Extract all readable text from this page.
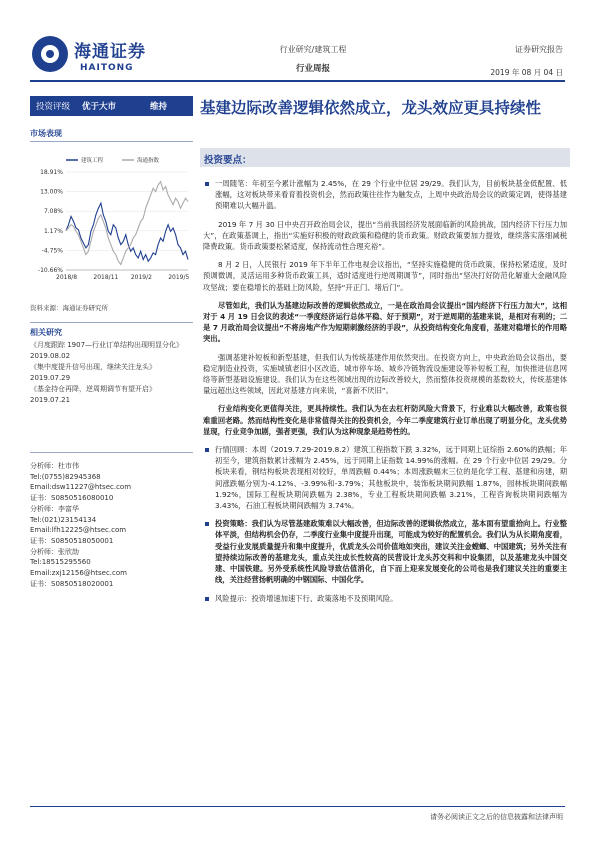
海通证券
HAITONG
行业研究/建筑工程
行业周报
证券研究报告
2019 年 08 月 04 日
投资评级	优于大市	维持 基建边际改善逻辑依然成立，龙头效应更具持续性
市场表现
建筑工程	海通指数
18.91%
13.00%
7.08%
1.17%
-4.75%
-10.66%
2018/8	2018/11 2019/2	2019/5
资料来源：海通证券研究所
相关研究
《月度跟踪 1907—行业订单结构出现明显分化》
2019.08.02
《集中度提升信号出现，继续关注龙头》
2019.07.29
《基金持仓再降，逆周期调节有望开启》
2019.07.21
分析师：杜市伟
Tel:(0755)82945368
Email:dsw11227@htsec.com
证书：S0850516080010
分析师：李富华
Tel:(021)23154134
Email:lfh12225@htsec.com
证书：S0850518050001
分析师：张欣劼
Tel:18515295560
Email:zxj12156@htsec.com
证书：S0850518020001
投资要点：

一周随笔：年初至今累计涨幅为 2.45%，在 29 个行业中位居 29/29。我们认为，目前板块基金低配置、低涨幅，这对板块带来看育着投资机会，然而政策往往作为触发点，上周中央政治局会议的政策定调，使得基建预期难以大幅升温。

2019 年 7 月 30 日中央召开政治局会议，提出“当前我国经济发展面临新的风险挑战，国内经济下行压力加大”，在政策基调上，指出“实施好积极的财政政策和稳健的货币政策。财政政策要加力提效，继续落实落细减税降费政策。货币政策要松紧适度，保持流动性合理充裕”。

8 月 2 日，人民银行 2019 年下半年工作电视会议指出，“坚持实施稳健的货币政策，保持松紧适度，及时预调微调，灵活运用多种货币政策工具，适时适度进行逆周期调节”，同时指出“坚决打好防范化解重大金融风险攻坚战；要在稳增长的基础上防风险，坚持“开正门、堵后门”。

尽管如此，我们认为基建边际改善的逻辑依然成立，一是在政治局会议提出“国内经济下行压力加大”，这相对于 4 月 19 日会议的表述“一季度经济运行总体平稳、好于预期”，对于逆周期的基建来说，是相对有利的；二是 7 月政治局会议提出“不将房地产作为短期刺激经济的手段”，从投资结构变化角度看，基建对稳增长的作用略突出。

强调基建补短板和新型基建，但我们认为传统基建作用依然突出。在投资方向上，中央政治局会议指出，要稳定制造业投资，实施城镇老旧小区改造、城市停车场、城乡冷链物流设施建设等补短板工程，加快推进信息网络等新型基础设施建设。我们认为在这些领域出现的边际改善较大，然而整体投资规模的基数较大，传统基建体量远超出这些领域，因此对基建方向来说，“喜新不厌旧”。

行业结构变化更值得关注，更具持续性。我们认为在去杠杆防风险大背景下，行业难以大幅改善，政策也很难重回老路。然而结构性变化是非常值得关注的投资机会，今年二季度建筑行业订单出现了明显分化，龙头优势显现，行业竞争加剧，强者更强，我们认为这种现象是趋势性的。

行情回顾：本周（2019.7.29-2019.8.2）建筑工程指数下跌 3.32%，远于同期上证综指 2.60%的跌幅；年初至今，建筑指数累计涨幅为 2.45%，远于同期上证指数 14.99%的涨幅。在 29 个行业中位居 29/29。分板块来看，钢结构板块表现相对较好，单周跌幅 0.44%；本周涨跌幅末三位的是化学工程、基建和房建，期间涨跌幅分别为-4.12%、-3.99%和-3.79%；其他板块中，装饰板块期间跌幅 1.87%，园林板块期间跌幅 1.92%，国际工程板块期间跌幅为 2.38%，专业工程板块期间跌幅 3.21%，工程咨询板块期间跌幅为 3.43%，石油工程板块期间跌幅为 3.74%。

投资策略：我们认为尽管基建政策难以大幅改善，但边际改善的逻辑依然成立，基本面有望重拾向上。行业整体平淡，但结构机会仍存，二季度行业集中度提升出现，可能成为较好的配置机会。我们认为从长期角度看，受益行业发展质量提升和集中度提升，优质龙头公司价值地如突出，建议关注金螳螂、中国建筑；另外关注有望持续边际改善的基建龙头，重点关注成长性较高的民营设计龙头苏交科和中设集团，以及基建龙头中国交建、中国铁建。另外受系统性风险导致估值消化，自下而上迎来发展变化的公司也是我们建议关注的重要主线，关注经营扬帆明确的中钢国际、中国化学。

风险提示：投资增速加速下行、政策落地不及预期风险。

请务必阅读正文之后的信息披露和法律声明
